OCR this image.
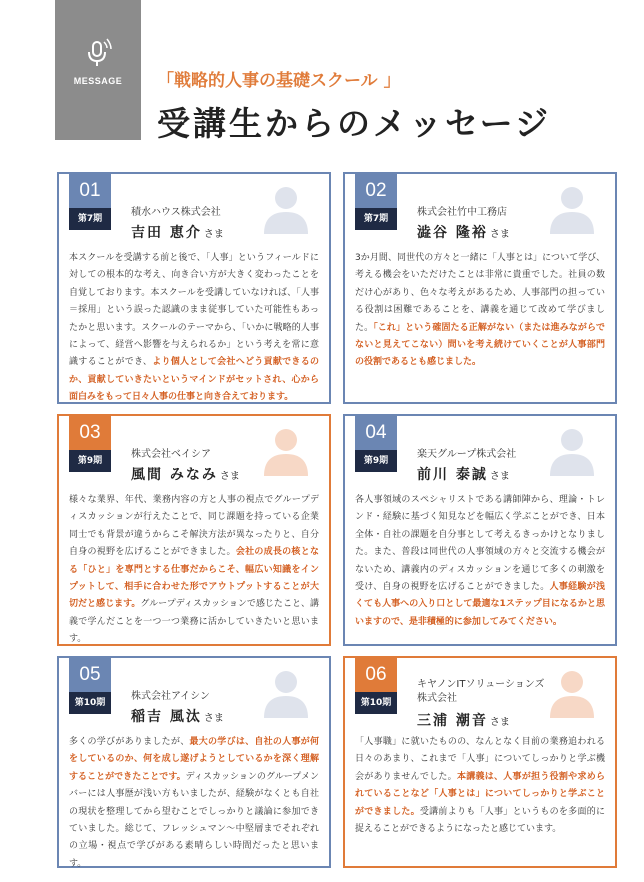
MESSAGE	「戦略的人事の基礎スクール 」
受講生からのメッセージ
01
第7期
積水ハウス株式会社
吉田 恵介 さま
本スクールを受講する前と後で、「人事」というフィールドに対しての根本的な考え、向き合い方が大きく変わったことを自覚しております。本スクールを受講していなければ、「人事＝採用」という誤った認識のまま従事していた可能性もあったかと思います。スクールのテーマから、「いかに戦略的人事によって、経営へ影響を与えられるか」という考えを常に意識することができ、より個人として会社へどう貢献できるのか、貢献していきたいというマインドがセットされ、心から面白みをもって日々人事の仕事と向き合えております。
02
第7期
株式会社竹中工務店
澁谷 隆裕 さま
3か月間、同世代の方々と一緒に「人事とは」について学び、考える機会をいただけたことは非常に貴重でした。社員の数だけ心があり、色々な考えがあるため、人事部門の担っている役割は困難であることを、講義を通じて改めて学びました。「これ」という確固たる正解がない（または進みながらでないと見えてこない）問いを考え続けていくことが人事部門の役割であるとも感じました。
03
第9期
株式会社ベイシア
風間 みなみ さま
様々な業界、年代、業務内容の方と人事の視点でグループディスカッションが行えたことで、同じ課題を持っている企業同士でも背景が違うからこそ解決方法が異なったりと、自分自身の視野を広げることができました。会社の成長の核となる「ひと」を専門とする仕事だからこそ、幅広い知識をインプットして、相手に合わせた形でアウトプットすることが大切だと感じます。グループディスカッションで感じたこと、講義で学んだことを一つ一つ業務に活かしていきたいと思います。
04
第9期
楽天グループ株式会社
前川 泰誠 さま
各人事領域のスペシャリストである講師陣から、理論・トレンド・経験に基づく知見などを幅広く学ぶことができ、日本全体・自社の課題を自分事として考えるきっかけとなりました。また、普段は同世代の人事領域の方々と交流する機会がないため、講義内のディスカッションを通じて多くの刺激を受け、自身の視野を広げることができました。人事経験が浅くても人事への入り口として最適な1ステップ目になるかと思いますので、是非積極的に参加してみてください。
05
第10期
株式会社アイシン
稲吉 風汰 さま
多くの学びがありましたが、最大の学びは、自社の人事が何をしているのか、何を成し遂げようとしているかを深く理解することができたことです。ディスカッションのグループメンバーには人事歴が浅い方もいましたが、経験がなくとも自社の現状を整理してから望むことでしっかりと議論に参加できていました。総じて、フレッシュマン～中堅層までそれぞれの立場・視点で学びがある素晴らしい時間だったと思います。
06
第10期
キヤノンITソリューションズ株式会社
三浦 潮音 さま
「人事職」に就いたものの、なんとなく目前の業務追われる日々のあまり、これまで「人事」についてしっかりと学ぶ機会がありませんでした。本講義は、人事が担う役割や求められていることなど「人事とは」についてしっかりと学ぶことができました。受講前よりも「人事」というものを多面的に捉えることができるようになったと感じています。
